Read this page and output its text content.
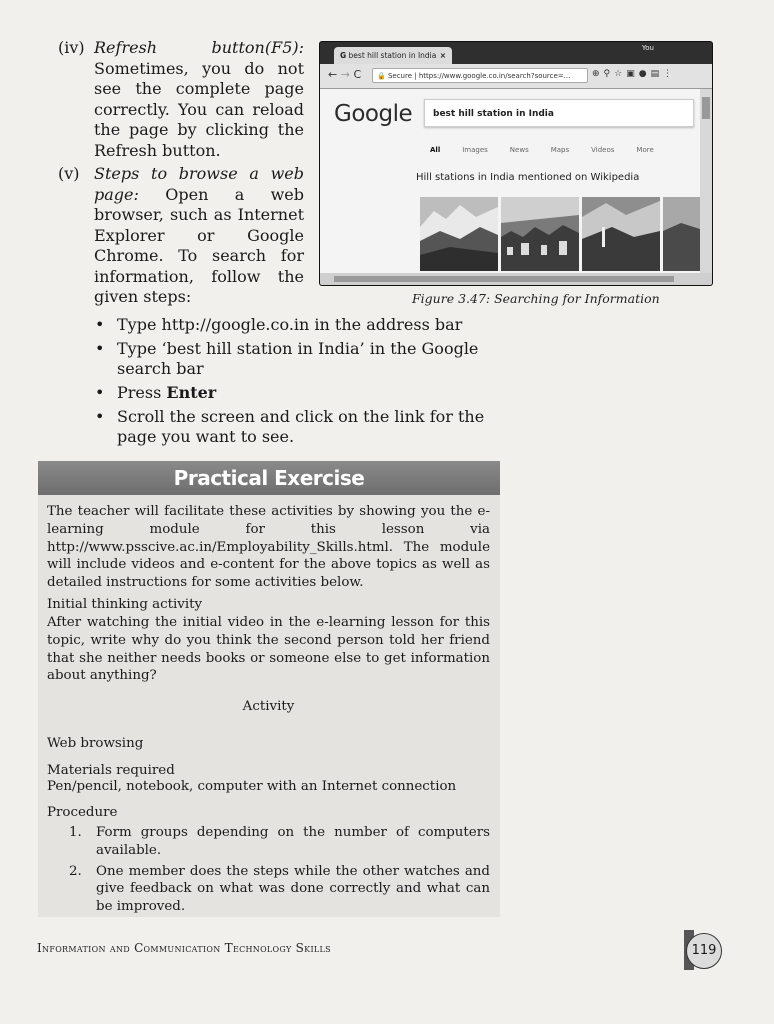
(iv) Refresh button (F5):
Sometimes, you do not see the complete page correctly. You can reload the page by clicking the Refresh button.
(v) Steps to browse a web page: Open a web browser, such as Internet Explorer or Google Chrome. To search for information, follow the given steps:
• Type http://google.co.in in the address bar
• Type ‘best hill station in India’ in the Google search bar
• Press Enter
• Scroll the screen and click on the link for the page you want to see.
G best hill station in India ×
You
← → C	🔒 Secure | https://www.google.co.in/search?source=...	⊕⚲☆▣●▤⋮
Google	best hill station in India
All	Images	News	Maps	Videos	More
Hill stations in India mentioned on Wikipedia
Figure 3.47: Searching for Information
Practical Exercise
The teacher will facilitate these activities by showing you the e-learning module for this lesson via http://www.psscive.ac.in/Employability_Skills.html. The module will include videos and e-content for the above topics as well as detailed instructions for some activities below.
Initial thinking activity
After watching the initial video in the e-learning lesson for this topic, write why do you think the second person told her friend that she neither needs books or someone else to get information about anything?
Activity
Web browsing
Materials required
Pen/pencil, notebook, computer with an Internet connection
Procedure
1. Form groups depending on the number of computers available.
2. One member does the steps while the other watches and give feedback on what was done correctly and what can be improved.
Information and Communication Technology Skills	119
